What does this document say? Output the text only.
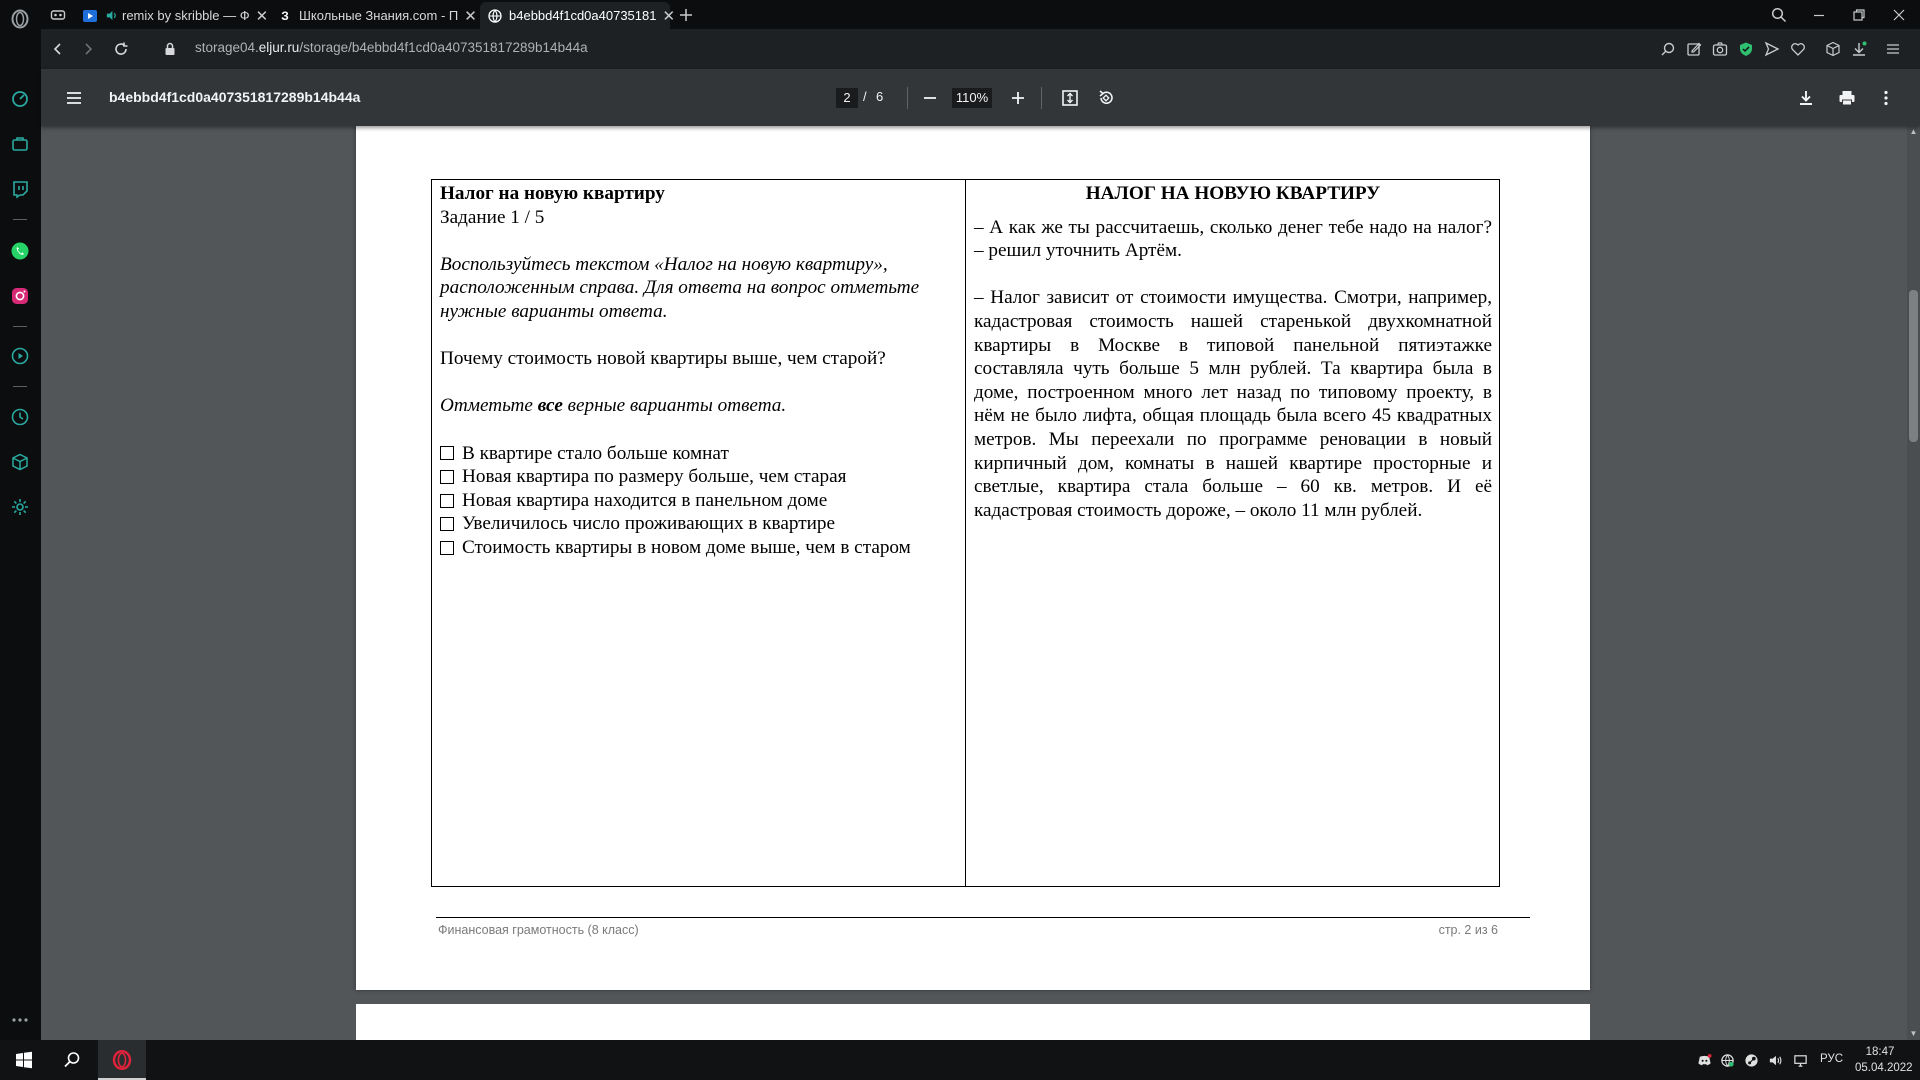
remix by skribble — Ф ✕ З Школьные Знания.com - П ✕ b4ebbd4f1cd0a40735181 ✕
storage04.eljur.ru/storage/b4ebbd4f1cd0a407351817289b14b44a
b4ebbd4f1cd0a407351817289b14b44a	2 / 6	110%
Налог на новую квартиру
Задание 1 / 5
Воспользуйтесь текстом «Налог на новую квартиру», расположенным справа. Для ответа на вопрос отметьте нужные варианты ответа.
Почему стоимость новой квартиры выше, чем старой?
Отметьте все верные варианты ответа.
В квартире стало больше комнат
Новая квартира по размеру больше, чем старая
Новая квартира находится в панельном доме
Увеличилось число проживающих в квартире
Стоимость квартиры в новом доме выше, чем в старом
НАЛОГ НА НОВУЮ КВАРТИРУ
– А как же ты рассчитаешь, сколько денег тебе надо на налог? – решил уточнить Артём.
– Налог зависит от стоимости имущества. Смотри, например, кадастровая стоимость нашей старенькой двухкомнатной квартиры в Москве в типовой панельной пятиэтажке составляла чуть больше 5 млн рублей. Та квартира была в доме, построенном много лет назад по типовому проекту, в нём не было лифта, общая площадь была всего 45 квадратных метров. Мы переехали по программе реновации в новый кирпичный дом, комнаты в нашей квартире просторные и светлые, квартира стала больше – 60 кв. метров. И её кадастровая стоимость дороже, – около 11 млн рублей.
Финансовая грамотность (8 класс)	стр. 2 из 6
▲
▼
РУС
18:47
05.04.2022
